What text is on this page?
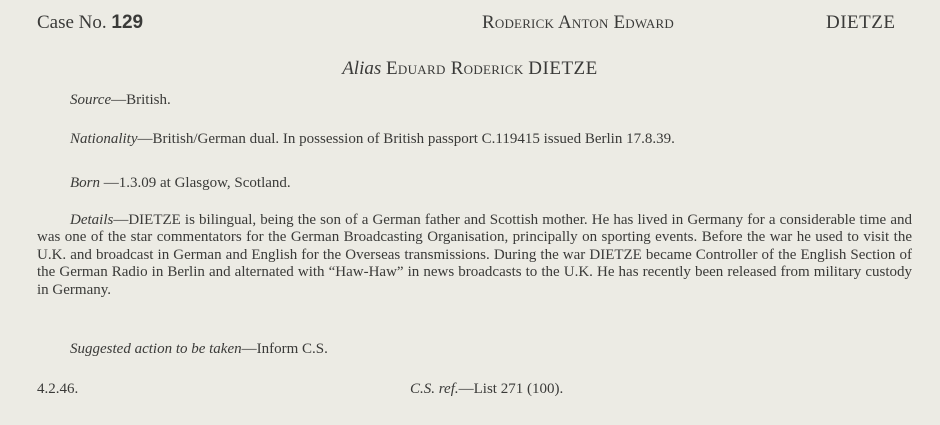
Case No. 129	Roderick Anton Edward	DIETZE
Alias Eduard Roderick DIETZE
Source—British.
Nationality—British/German dual. In possession of British passport C.119415 issued Berlin 17.8.39.
Born —1.3.09 at Glasgow, Scotland.
Details—DIETZE is bilingual, being the son of a German father and Scottish mother. He has lived in Germany for a considerable time and was one of the star commentators for the German Broadcasting Organisation, principally on sporting events. Before the war he used to visit the U.K. and broadcast in German and English for the Overseas transmissions. During the war DIETZE became Controller of the English Section of the German Radio in Berlin and alternated with “Haw-Haw” in news broadcasts to the U.K. He has recently been released from military custody in Germany.
Suggested action to be taken—Inform C.S.
4.2.46.	C.S. ref.—List 271 (100).
